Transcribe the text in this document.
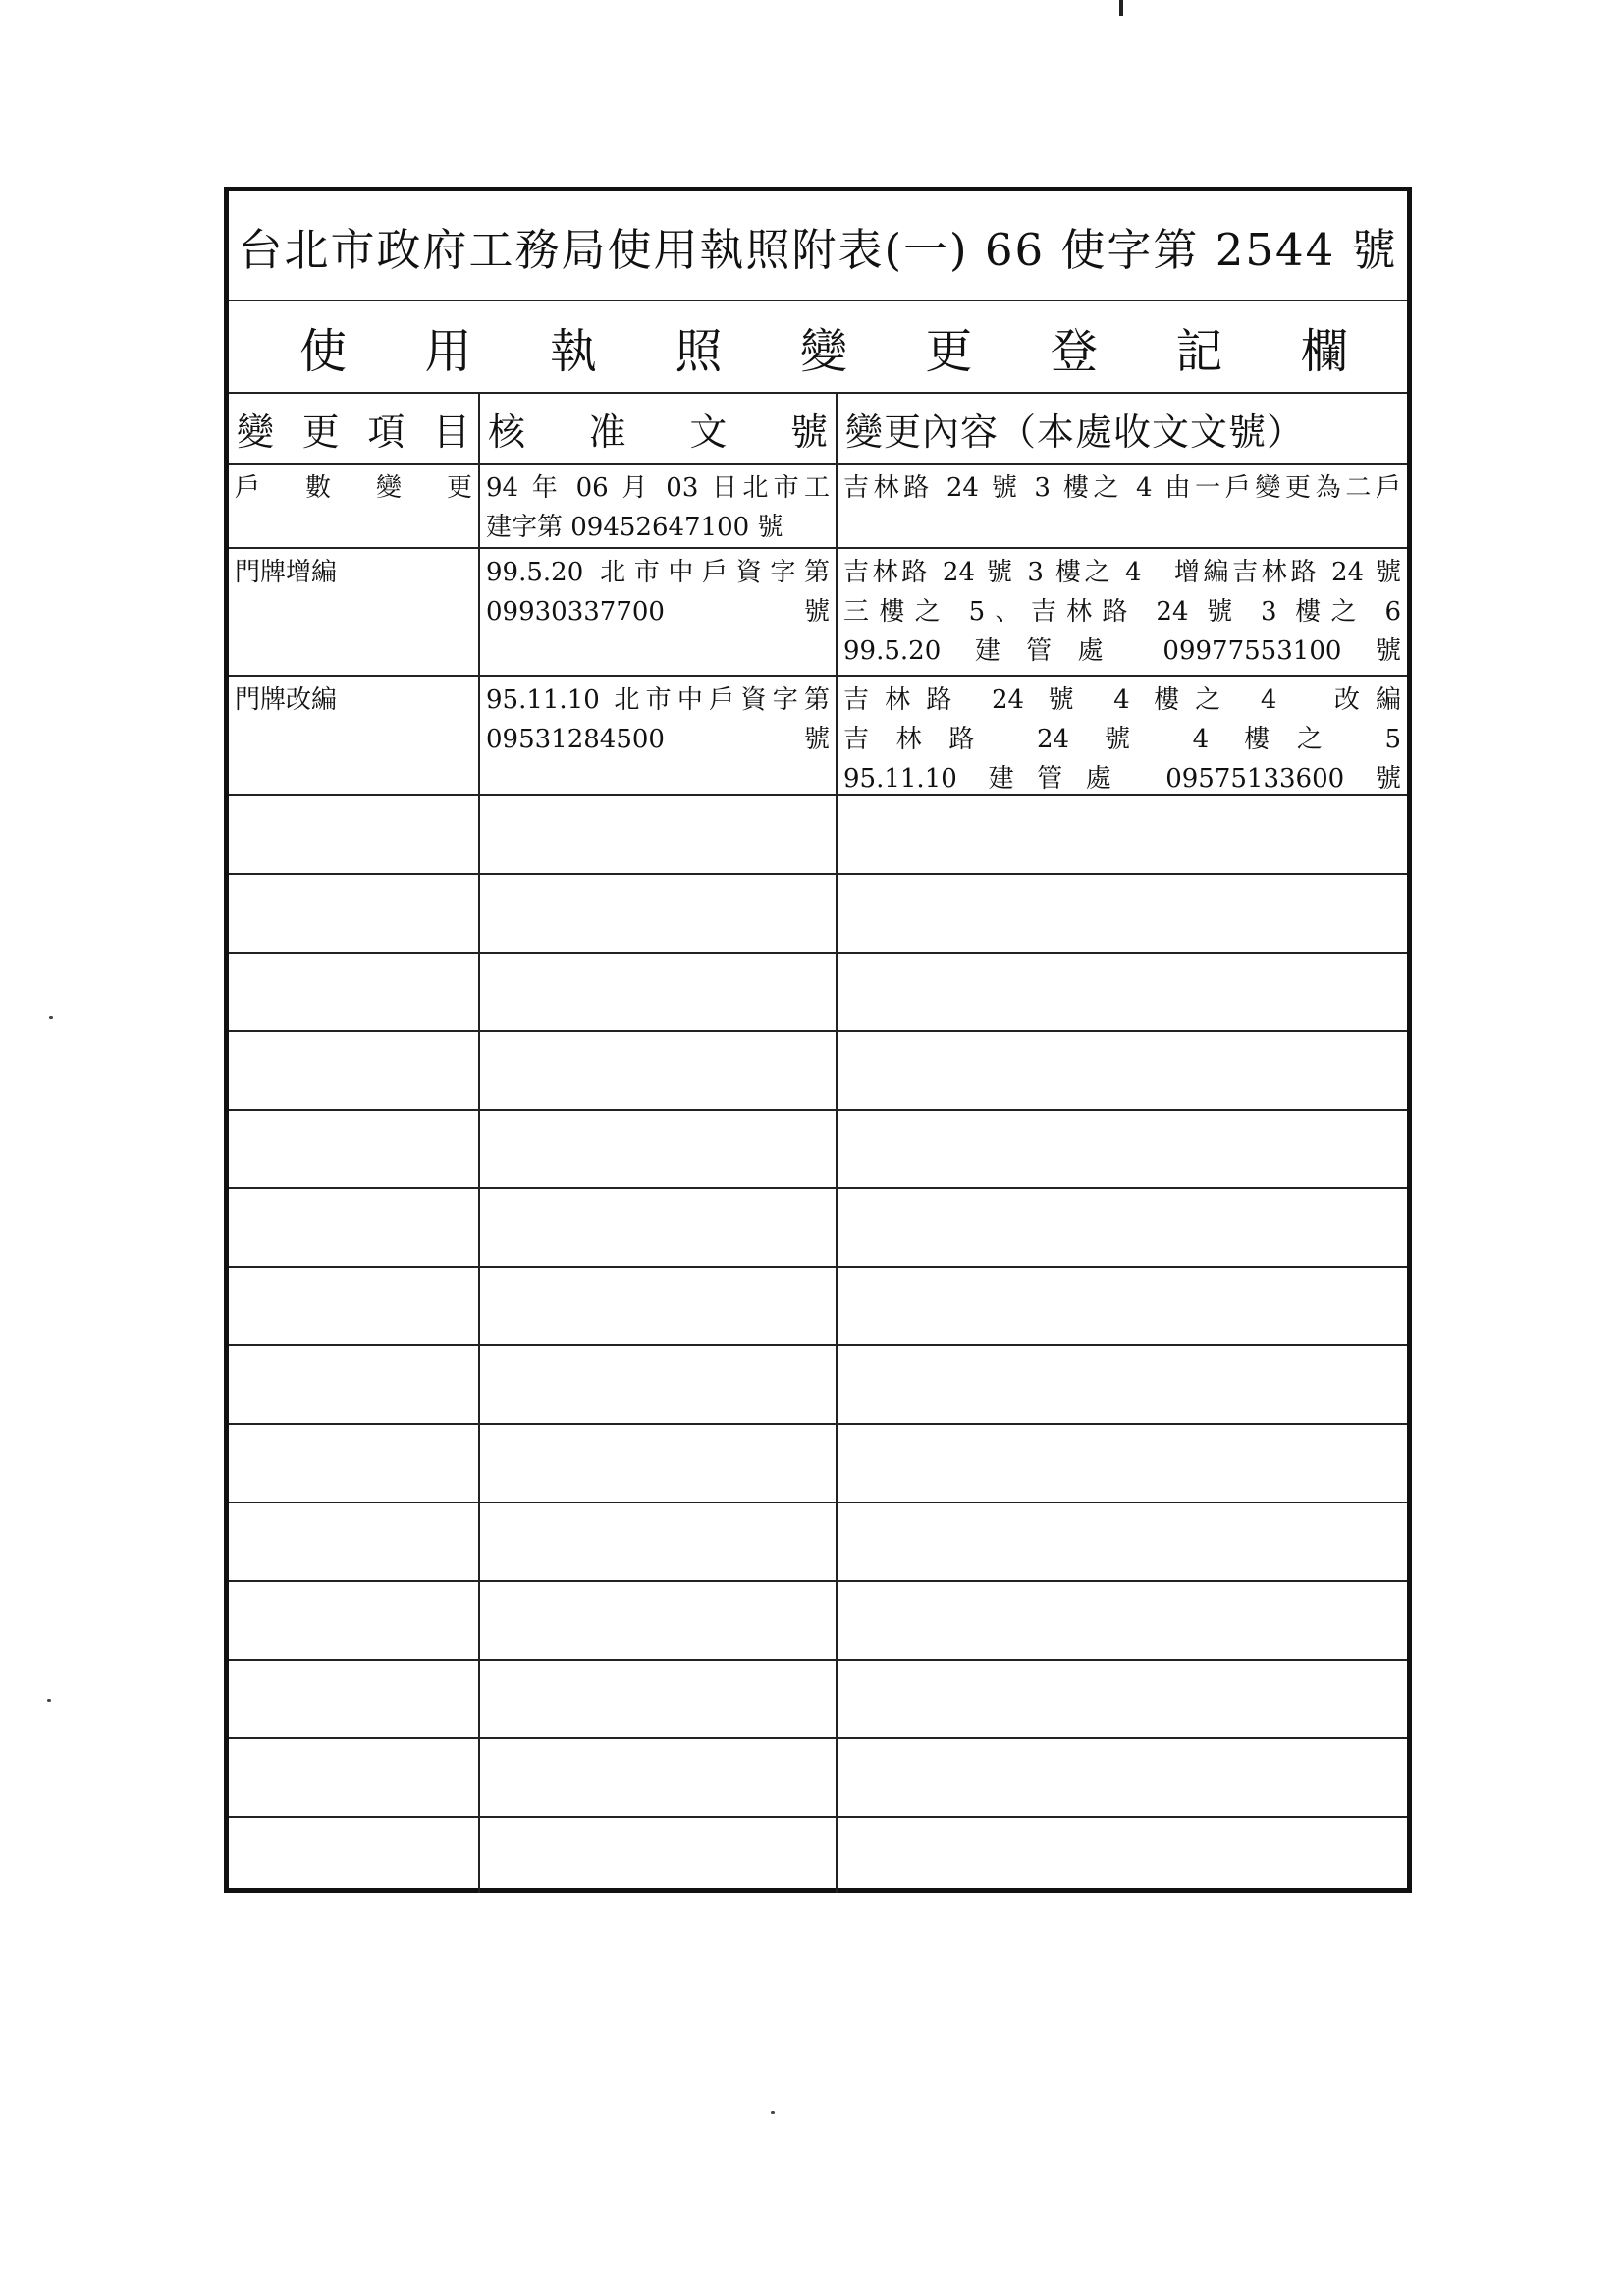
台北市政府工務局使用執照附表(一) 66 使字第 2544 號
使 用 執 照 變 更 登 記 欄
變 更 項 目 核 准 文 號 變更內容（本處收文文號）
戶　數　變　更 94 年 06 月 03 日北市工
建字第 09452647100 號
吉林路 24 號 3 樓之 4 由一戶變更為二戶
門牌增編	99.5.20 北市中戶資字第
09930337700 號
吉林路 24 號 3 樓之 4　增編吉林路 24 號
三樓之 5、吉林路 24 號 3 樓之 6
99.5.20 建管處 09977553100 號
門牌改編	95.11.10 北市中戶資字第
09531284500 號
吉林路 24 號 4 樓之 4　改編
吉林路 24 號 4 樓之 5
95.11.10 建管處 09575133600 號
